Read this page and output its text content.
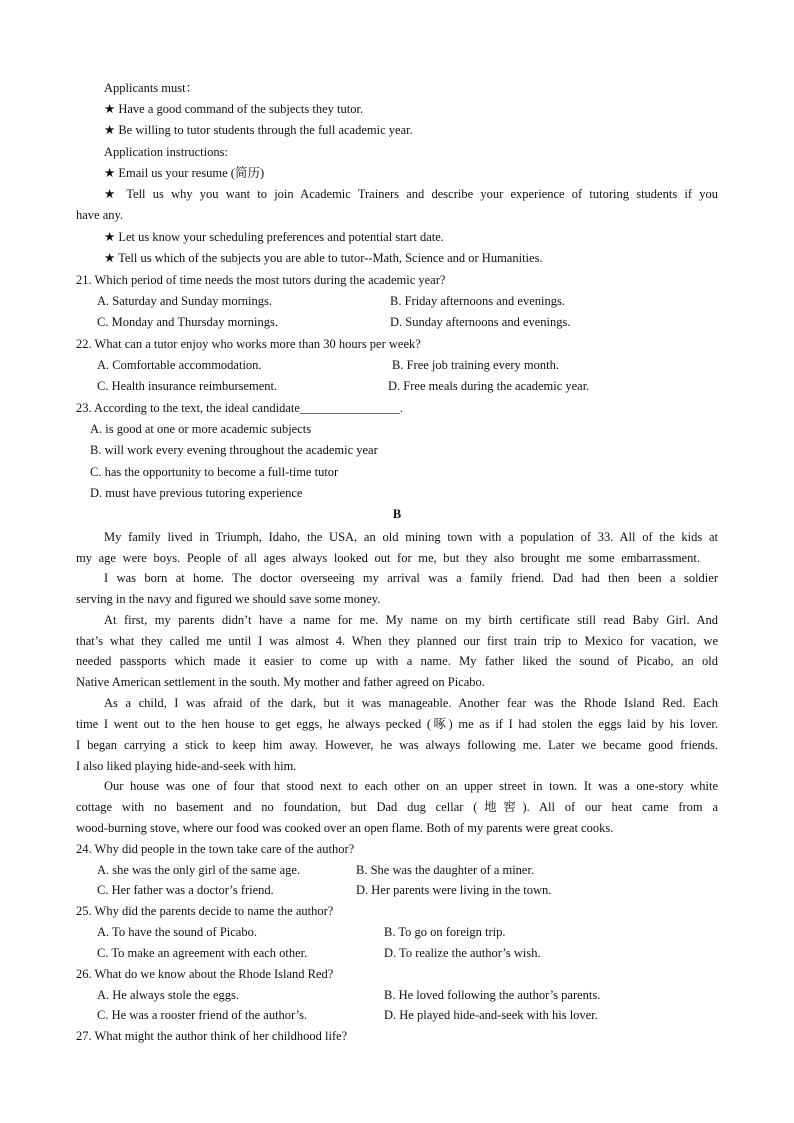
Applicants must：
★ Have a good command of the subjects they tutor.
★ Be willing to tutor students through the full academic year.
Application instructions:
★ Email us your resume (简历)
★ Tell us why you want to join Academic Trainers and describe your experience of tutoring students if you
have any.
★ Let us know your scheduling preferences and potential start date.
★ Tell us which of the subjects you are able to tutor--Math, Science and or Humanities.
21. Which period of time needs the most tutors during the academic year?
A. Saturday and Sunday mornings.	B. Friday afternoons and evenings.
C. Monday and Thursday mornings.	D. Sunday afternoons and evenings.
22. What can a tutor enjoy who works more than 30 hours per week?
A. Comfortable accommodation.	B. Free job training every month.
C. Health insurance reimbursement.	D. Free meals during the academic year.
23. According to the text, the ideal candidate________________.
A. is good at one or more academic subjects
B. will work every evening throughout the academic year
C. has the opportunity to become a full-time tutor
D. must have previous tutoring experience
B
My family lived in Triumph, Idaho, the USA, an old mining town with a population of 33. All of the kids at
my age were boys. People of all ages always looked out for me, but they also brought me some embarrassment.
I was born at home. The doctor overseeing my arrival was a family friend. Dad had then been a soldier
serving in the navy and figured we should save some money.
At first, my parents didn’t have a name for me. My name on my birth certificate still read Baby Girl. And
that’s what they called me until I was almost 4. When they planned our first train trip to Mexico for vacation, we
needed passports which made it easier to come up with a name. My father liked the sound of Picabo, an old
Native American settlement in the south. My mother and father agreed on Picabo.
As a child, I was afraid of the dark, but it was manageable. Another fear was the Rhode Island Red. Each
time I went out to the hen house to get eggs, he always pecked (啄) me as if I had stolen the eggs laid by his lover.
I began carrying a stick to keep him away. However, he was always following me. Later we became good friends.
I also liked playing hide-and-seek with him.
Our house was one of four that stood next to each other on an upper street in town. It was a one-story white
cottage with no basement and no foundation, but Dad dug cellar (地窖). All of our heat came from a
wood-burning stove, where our food was cooked over an open flame. Both of my parents were great cooks.
24. Why did people in the town take care of the author?
A. she was the only girl of the same age.	B. She was the daughter of a miner.
C. Her father was a doctor’s friend.	D. Her parents were living in the town.
25. Why did the parents decide to name the author?
A. To have the sound of Picabo.	B. To go on foreign trip.
C. To make an agreement with each other.	D. To realize the author’s wish.
26. What do we know about the Rhode Island Red?
A. He always stole the eggs.	B. He loved following the author’s parents.
C. He was a rooster friend of the author’s.	D. He played hide-and-seek with his lover.
27. What might the author think of her childhood life?
